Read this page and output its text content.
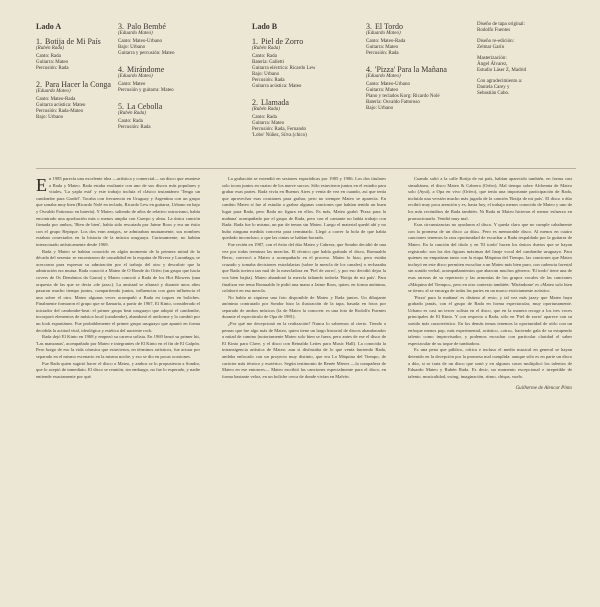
Lado A
1. Botija de Mi País
(Rubén Rada)
Canto: Rada
Guitarra: Mateo
Percusión: Rada
2. Para Hacer la Conga
(Eduardo Mateo)
Canto: Mateo-Rada
Guitarra acústica: Mateo
Percusión: Rada-Mateo
Bajo: Urbano
3. Palo Bembé
(Eduardo Mateo)
Canto: Mateo-Urbano
Bajo: Urbano
Guitarra y percusión: Mateo
4. Mirándome
(Eduardo Mateo)
Canto: Mateo
Percusión y guitarra: Mateo
5. La Cebolla
(Rubén Rada)
Canto: Rada
Percusión: Rada
Lado B
1. Piel de Zorro
(Rubén Rada)
Canto: Rada
Batería: Galletti
Guitarra eléctrica: Ricardo Lew
Bajo: Urbano
Percusión: Rada
Guitarra acústica: Mateo
2. Llamada
(Rubén Rada)
Canto: Rada
Guitarra: Mateo
Percusión: Rada, Fernando
'Lobo' Núñez, Silva (chico)
3. El Tordo
(Eduardo Mateo)
Canto: Mateo-Rada
Guitarra: Mateo
Percusión: Rada
4. 'Pizza' Para la Mañana
(Eduardo Mateo)
Canto: Mateo-Urbano
Guitarra: Mateo
Piano y teclados Korg: Ricardo Nolé
Batería: Osvaldo Fattoruso
Bajo: Urbano
Diseño de tapa original:
Rodolfo Fuentes
Diseño re-edición:
Zelmar Garín
Masterización:
Ángel Álvarez,
Estudio Láser Z, Madrid
Con agradecimiento a:
Daniela Carey y
Sebastián Cabo.

En 1985 parecía una excelente idea —artística y comercial— un disco que reuniese a Rada y Mateo. Rada estaba exultante con uno de sus discos más populares y vitales, 'La yapla está' y este trabajo incluía el clásico instantáneo 'Tengo un candombe para Gardel'. Tocaba con frecuencia en Uruguay y Argentina con un grupo que sonaba muy bien (Ricardo Nolé en teclado, Ricardo Lew en guitarra, Urbano en bajo y Osvaldo Fattoruso en batería). Y Mateo, saliendo de años de relativo ostracismo, había encontrado una aprobación más o menos amplia con Cuerpo y alma. La única canción firmada por ambos, 'Bien de bien', había sido rescatada por Jaime Roos y era un éxito con el grupo Repique. Los dos eran amigos, se admiraban mutuamente, sus nombres estaban conectados en la historia de la música uruguaya. Curiosamente, no habían interactuado artísticamente desde 1969.

Rada y Mateo se habían conocido en algún momento de la primera mitad de la década del sesenta: se encontraron de casualidad en la esquina de Rivera y Larrañaga, se acercaron para expresar su admiración por el trabajo del otro y descubrir que la admiración era mutua. Rada conoció a Mateo de O Bonde do Orfeo (un grupo que hacía covers de Os Demônios da Garoa) y Mateo conoció a Rada de los Hot Blowers (una orquesta de las que se decía «de jazz»). La amistad se afianzó y durante unos años pasaron mucho tiempo juntos, compartiendo juntos, influencias con gran influencia el uno sobre el otro. Mateo algunas veces acompañó a Rada en toques en boliches. Finalmente formaron el grupo que se llamaría, a partir de 1967, El Kinto, considerado el iniciador del candombe-beat: el primer grupo beat uruguayo que adoptó el candombe, incorporó elementos de música local (candombe), abandonó el uniforme y lo cambió por un look espontáneo. Fue probablemente el primer grupo uruguayo que apuntó en forma decidida la actitud vital, ideológica y estética del naciente rock.

Rada dejó El Kinto en 1968 y empezó su carrera solista. En 1969 lanzó su primer hit, 'Las manzanas', acompañado por Mateo e integrantes de El Kinto en el fin de El Galpón. Pero luego de eso la vida cósmica que estuvieron, en términos artísticos, fue actuar por separado en el mismo escenario en la misma noche, y eso se dio en pocas ocasiones.

Fue Rada quien sugirió hacer el disco a Mateo, y ambos se lo propusieron a Sondor, que lo aceptó de inmediato. El disco se reunión, sin embargo, no fue lo esperado, y nadie entiende exactamente por qué.

La grabación se extendió en sesiones esporádicas por 1985 y 1986. Los dos titulares solo tocan juntos en cuatro de los nueve surcos. Sólo estuvieron juntos en el estudio para grabar esas partes. Rada vivía en Buenos Aires y venía de vez en cuando, así que tenía que aprovechar esas ocasiones para grabar, pero no siempre Mateo se aparecía. En cambio Mateo sí fue al estudio a grabar algunas canciones que habían tenido un buen lugar para Rada, pero Rada no figura en ellos. Es más, Mateo grabó 'Pizza para la mañana' acompañado por el grupo de Rada, pero con el cantante no había trabajo con Rada. Rada fue lo mismo, un par de temas sin Mateo. Luego el material quedó ahí y no hubo ninguna medida concreta para terminarlo. Llegó a correr la bola de que había quedado inconcluso, o que las cintas se habían borrado.

Fue recién en 1987, con el éxito del dúo Mateo y Cabrera, que Sondor decidió de una vez por todas terminar las mezclas. El técnico que había grabado el disco, Romualdo Berro, convocó a Mateo a acompañarlo en el proceso. Mateo lo hizo, pero estaba cruzado y tomaba decisiones estrafalarias (sobre la mezcla de los canales) o rechazaba que Rada tuviera tan mal de la mezcladora en 'Piel de zorro', y por eso decidió dejar la voz bien bajita). Mateo abandonó la mezcla faltando todavía 'Botija de mi país'. Para finalizar ese tema Romualdo le pidió una mano a Jaime Roos, quien, en forma anónima, colaboró en esa mezcla.

No había ni siquiera una foto disponible de Mateo y Rada juntos. Un dibujante anónimo contratado por Sondor hizo la ilustración de la tapa, basada en fotos por separado de ambos músicos (la de Mateo la conocen: es una foto de Rodolfo Fuentes durante el espectáculo de Opa de 1981).

¿Por qué me decepcionó en la realización? Nunca lo sabremos al cierto. Tiendo a pensar que fue algo más de Mateo, quien tiene un largo historial de discos abandonados a mitad de camino (notoriamente Mateo solo bien se fuera, pero antes de ese el disco de El Kinto para Clave, y el disco con Reinaldo Leites para Music Hall). La conocida la intransigencia artística de Mateo: aun si disfrutaba de lo que venía haciendo Rada, andaba enfocado con un proyecto muy distinto, que era La Máquina del Tiempo, de carácter más técnico y esotérico. Según testimonio de Renée Mieres —la compañera de Mateo en ese entonces— Mateo escribió las canciones especialmente para el disco, en forma bastante veloz, en un boliche cerca de donde vivían en Malvín.

Cuando salió a la calle Botija de mi país, habían aparecido también, en forma casi simultánea, el disco Mateo & Cabrera (Orfeo), Mal tiempo sobre Alchemia de Mateo solo (Ayuí), a Opa en vivo (Orfeo), que tenía una importante participación de Rada, incluida una versión mucho más jugada de la canción 'Botija de mi país'. El disco a dúo recibió muy poca atención y es, hasta hoy, el trabajo menos conocido de Mateo y uno de los más recónditos de Rada también. Ni Rada ni Mateo hicieron el menor esfuerzo en promocionarlo. Vendió muy mal.

Esas circunstancias no ayudaron al disco. Y queda claro que no cumple cabalmente con la promesa de un disco «a dúo». Pero es memorable disco. Al menos en cuatro canciones tenemos la rara oportunidad de escuchar a Rada respaldado por la guitarra de Mateo. En la canción del título y en 'El tordo' hacen los únicos duetos que se hayan registrado: son las dos figuras máximas del linaje vocal del candombe uruguayo. Para quienes no empatizan tanto con la etapa Máquina del Tiempo, las canciones que Mateo incluyó en este disco permiten escuchar a un Mateo más bien puro, con cadencia forestal sin sonido verbal, acompañamientos que abarcan muchos géneros: 'El tordo' tiene una de esas rarezas de su repertorio y las armonías de los grupos vocales de las canciones «Máquina del Tiempo», pero en otro contexto también: 'Mirándome' es «Mateo solo bien se tiene» al se encarga de todas las partes en un marco estrictamente acústico.

'Pizza' para la mañana' es distinto al resto, y tal vez más jazzy que Mateo haya grabado jamás, con el grupo de Rada en forma espectacular, muy oportunamente. Urbano es casi un tercer solista en el disco, que en la manera recoge a los tres voces principales de El Kinto. Y con respecto a Rada, sólo en 'Piel de zorro' aparece con su sonido más característico. En los demás temas tenemos la oportunidad de oírlo con un enfoque menos pop, más experimental, acústico, «otro», haciendo gala de su estupendo talento como improvisador, y podemos escuchar con particular claridad el saber espectacular de su toque de tumbadora.

Es una pena que público, crítica e incluso el medio musical en general se hayan detenido en la decepción por la promesa mal cumplida: aunque sólo es en parte un disco a dúo, si se trata de un disco que sonó y en algunos casos multiplicó los talentos de Eduardo Mateo y Rubén Rada. Es decir, un momento excepcional e irrepetible de talento, musicalidad, swing, imaginación, ritmo, chispa, vuelo.

Guilherme de Alencar Pinto
